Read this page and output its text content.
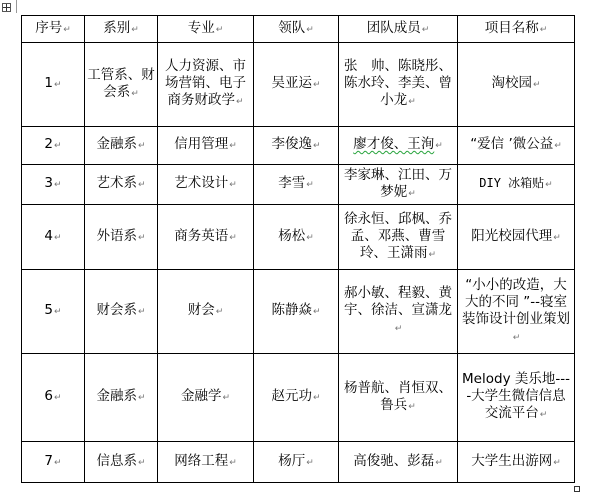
序号 ↵	系别 ↵	专业 ↵	领队 ↵	团队成员 ↵	项目名称 ↵
1 ↵	工管系、财会系 ↵	人力资源、市场营销、电子商务财政学 ↵	吴亚运 ↵	张　帅、陈晓彤、陈水玲、李美、曾小龙 ↵	淘校园 ↵
2 ↵	金融系 ↵	信用管理 ↵	李俊逸 ↵	廖才俊、王洵 ↵	“爱信 ’微公益 ↵
3 ↵	艺术系 ↵	艺术设计 ↵	李雪 ↵	李家琳、江田、万梦妮 ↵	DIY 冰箱贴 ↵
4 ↵	外语系 ↵	商务英语 ↵	杨松 ↵	徐永恒、邱枫、乔孟、邓燕、曹雪玲、王潇雨 ↵	阳光校园代理 ↵
5 ↵	财会系 ↵	财会 ↵	陈静焱 ↵	郝小敏、程毅、黄宇、徐洁、宣潇龙 ↵	“小小的改造，大大的不同 ”--寝室装饰设计创业策划 ↵
6 ↵	金融系 ↵	金融学 ↵	赵元功 ↵	杨普航、肖恒双、鲁兵 ↵	Melody 美乐地----大学生微信信息交流平台 ↵
7 ↵	信息系 ↵	网络工程 ↵	杨厅 ↵	高俊驰、彭磊 ↵	大学生出游网 ↵
